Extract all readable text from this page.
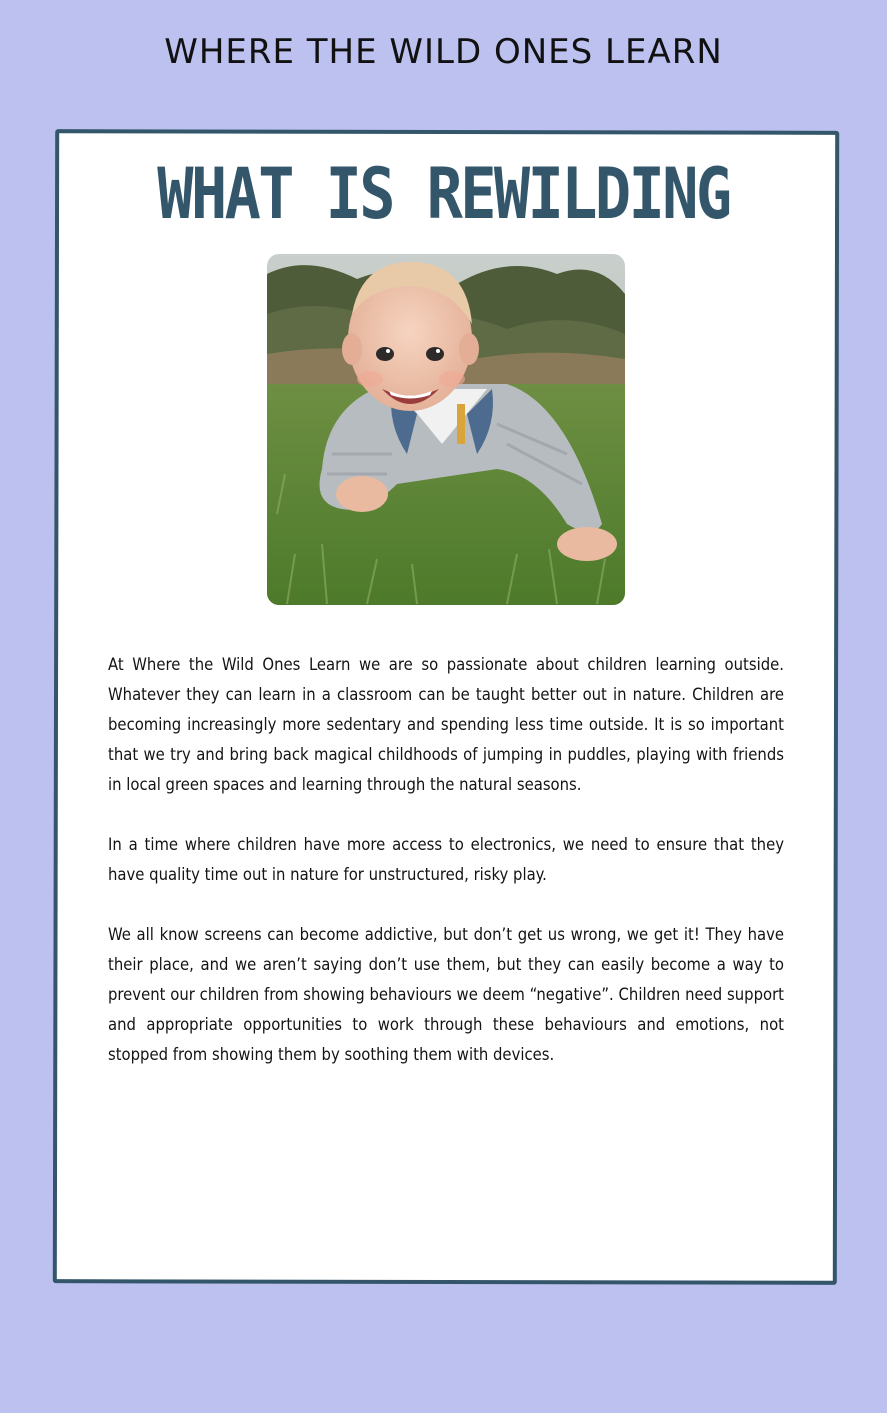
WHERE THE WILD ONES LEARN
WHAT IS REWILDING

At Where the Wild Ones Learn we are so passionate about children learning outside. Whatever they can learn in a classroom can be taught better out in nature. Children are becoming increasingly more sedentary and spending less time outside. It is so important that we try and bring back magical childhoods of jumping in puddles, playing with friends in local green spaces and learning through the natural seasons.

In a time where children have more access to electronics, we need to ensure that they have quality time out in nature for unstructured, risky play.

We all know screens can become addictive, but don’t get us wrong, we get it! They have their place, and we aren’t saying don’t use them, but they can easily become a way to prevent our children from showing behaviours we deem “negative”. Children need support and appropriate opportunities to work through these behaviours and emotions, not stopped from showing them by soothing them with devices.
